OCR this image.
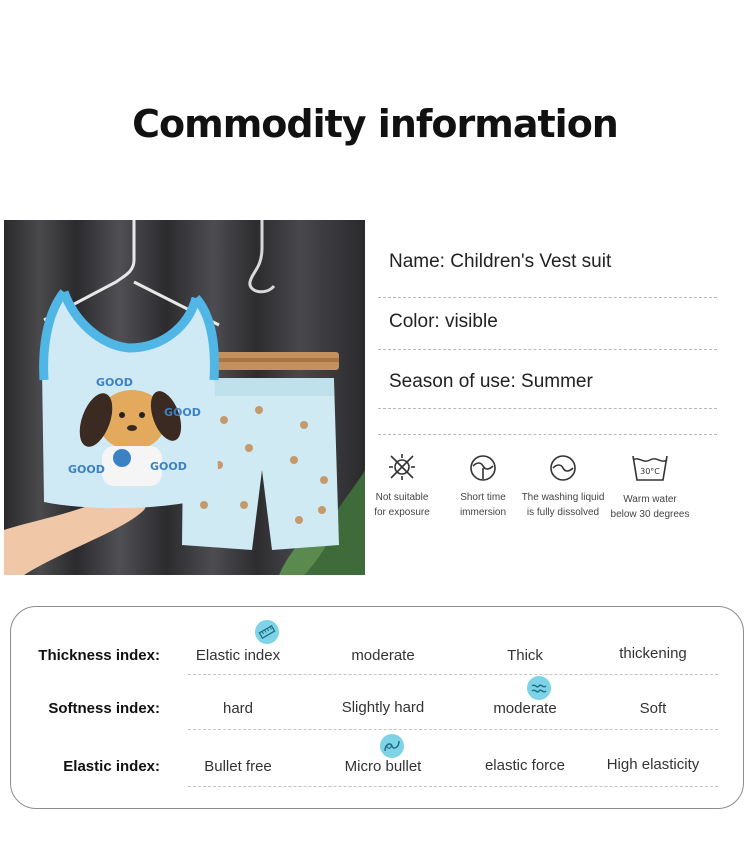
Commodity information
GOOD
GOOD
GOOD	GOOD
Name: Children's Vest suit
Color: visible
Season of use: Summer
Not suitable
for exposure
Short time
immersion
The washing liquid
is fully dissolved
30°C
Warm water
below 30 degrees
Thickness index:	Elastic index	moderate	Thick	thickening
Softness index:	hard	Slightly hard	moderate	Soft
Elastic index:	Bullet free	Micro bullet	elastic force	High elasticity
